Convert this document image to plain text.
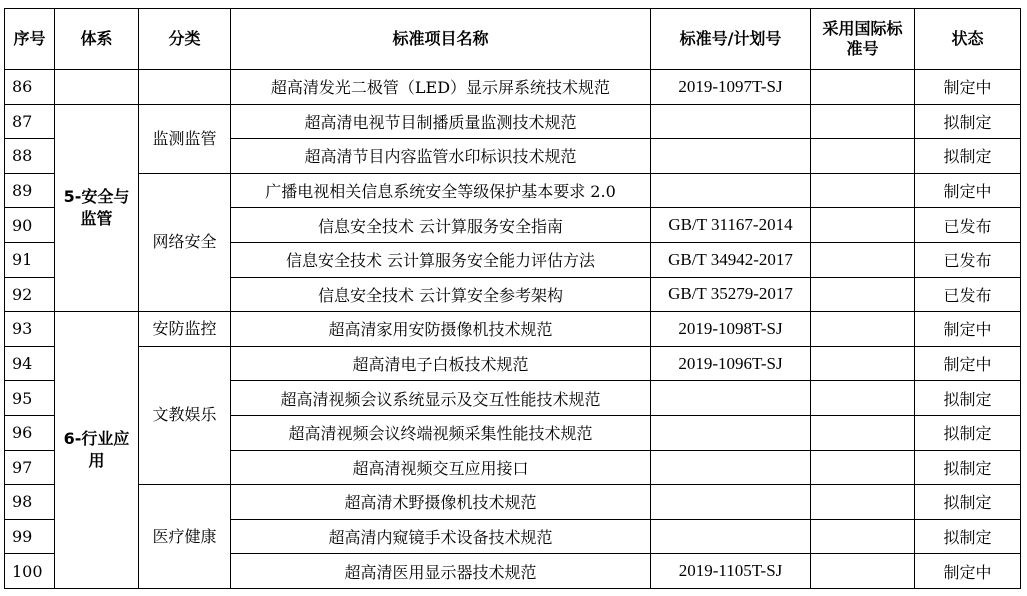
序号	体系	分类	标准项目名称	标准号/计划号	采用国际标准号	状态
86			超高清发光二极管（LED）显示屏系统技术规范	2019-1097T-SJ		制定中
87	5-安全与监管	监测监管	超高清电视节目制播质量监测技术规范			拟制定
88			超高清节目内容监管水印标识技术规范			拟制定
89		网络安全	广播电视相关信息系统安全等级保护基本要求 2.0			制定中
90			信息安全技术 云计算服务安全指南	GB/T 31167-2014		已发布
91			信息安全技术 云计算服务安全能力评估方法	GB/T 34942-2017		已发布
92			信息安全技术 云计算安全参考架构	GB/T 35279-2017		已发布
93	6-行业应用	安防监控	超高清家用安防摄像机技术规范	2019-1098T-SJ		制定中
94		文教娱乐	超高清电子白板技术规范	2019-1096T-SJ		制定中
95			超高清视频会议系统显示及交互性能技术规范			拟制定
96			超高清视频会议终端视频采集性能技术规范			拟制定
97			超高清视频交互应用接口			拟制定
98		医疗健康	超高清术野摄像机技术规范			拟制定
99			超高清内窥镜手术设备技术规范			拟制定
100			超高清医用显示器技术规范	2019-1105T-SJ		制定中
